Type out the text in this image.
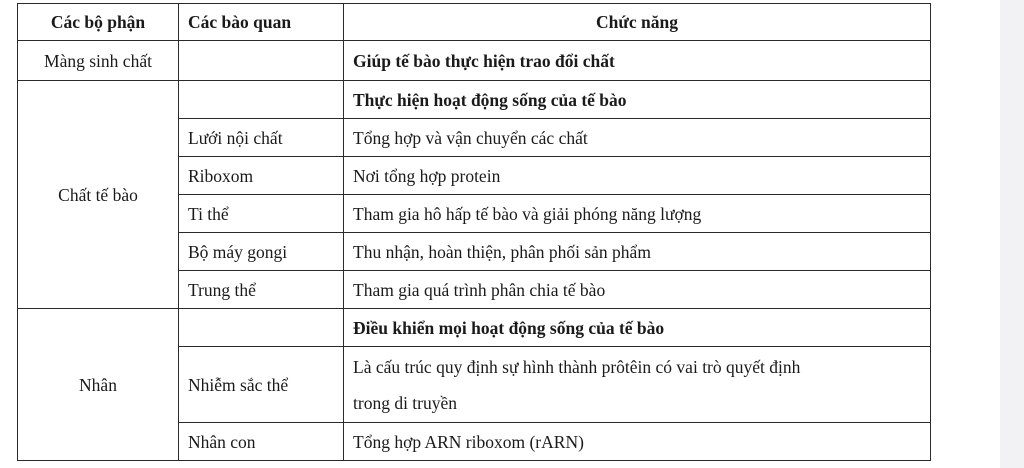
Các bộ phận	Các bào quan	Chức năng
Màng sinh chất		Giúp tế bào thực hiện trao đổi chất
Chất tế bào		Thực hiện hoạt động sống của tế bào
	Lưới nội chất	Tổng hợp và vận chuyển các chất
	Riboxom	Nơi tổng hợp protein
	Ti thể	Tham gia hô hấp tế bào và giải phóng năng lượng
	Bộ máy gongi	Thu nhận, hoàn thiện, phân phối sản phẩm
	Trung thể	Tham gia quá trình phân chia tế bào
Nhân		Điều khiển mọi hoạt động sống của tế bào
	Nhiễm sắc thể	Là cấu trúc quy định sự hình thành prôtêin có vai trò quyết định
trong di truyền

	Nhân con	Tổng hợp ARN riboxom (rARN)
